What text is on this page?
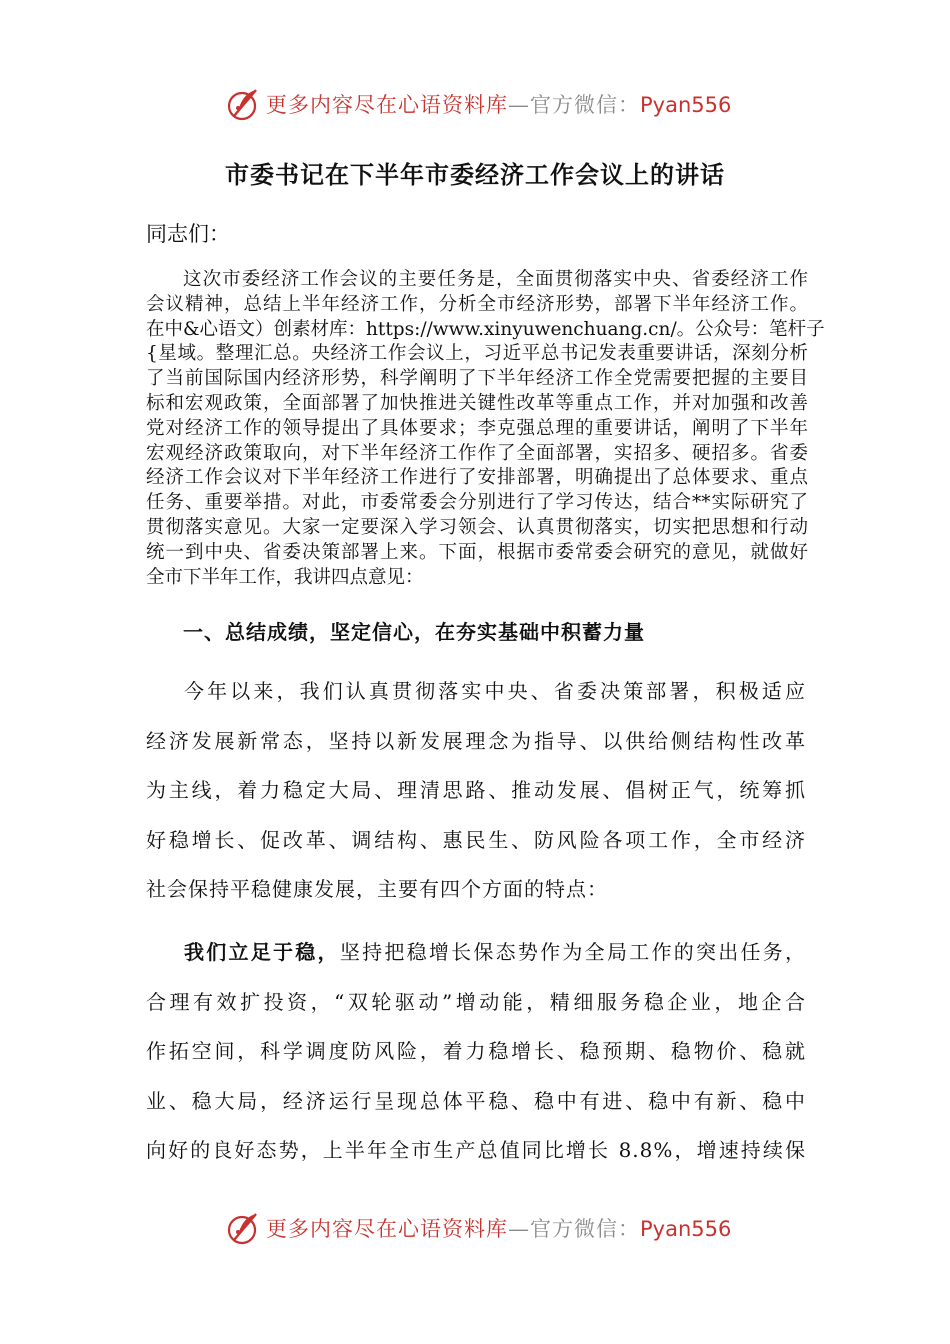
更多内容尽在心语资料库—官方微信：Pyan556
市委书记在下半年市委经济工作会议上的讲话
同志们：
这次市委经济工作会议的主要任务是，全面贯彻落实中央、省委经济工作
会议精神，总结上半年经济工作，分析全市经济形势，部署下半年经济工作。
在中&心语文）创素材库：https://www.xinyuwenchuang.cn/。公众号：笔杆子
{星域。整理汇总。央经济工作会议上，习近平总书记发表重要讲话，深刻分析
了当前国际国内经济形势，科学阐明了下半年经济工作全党需要把握的主要目
标和宏观政策，全面部署了加快推进关键性改革等重点工作，并对加强和改善
党对经济工作的领导提出了具体要求；李克强总理的重要讲话，阐明了下半年
宏观经济政策取向，对下半年经济工作作了全面部署，实招多、硬招多。省委
经济工作会议对下半年经济工作进行了安排部署，明确提出了总体要求、重点
任务、重要举措。对此，市委常委会分别进行了学习传达，结合**实际研究了
贯彻落实意见。大家一定要深入学习领会、认真贯彻落实，切实把思想和行动
统一到中央、省委决策部署上来。下面，根据市委常委会研究的意见，就做好
全市下半年工作，我讲四点意见：
一、总结成绩，坚定信心，在夯实基础中积蓄力量
今年以来，我们认真贯彻落实中央、省委决策部署，积极适应
经济发展新常态，坚持以新发展理念为指导、以供给侧结构性改革
为主线，着力稳定大局、理清思路、推动发展、倡树正气，统筹抓
好稳增长、促改革、调结构、惠民生、防风险各项工作，全市经济
社会保持平稳健康发展，主要有四个方面的特点：
我们立足于稳，坚持把稳增长保态势作为全局工作的突出任务，
合理有效扩投资，“双轮驱动”增动能，精细服务稳企业，地企合
作拓空间，科学调度防风险，着力稳增长、稳预期、稳物价、稳就
业、稳大局，经济运行呈现总体平稳、稳中有进、稳中有新、稳中
向好的良好态势，上半年全市生产总值同比增长 8.8%，增速持续保
更多内容尽在心语资料库—官方微信：Pyan556
